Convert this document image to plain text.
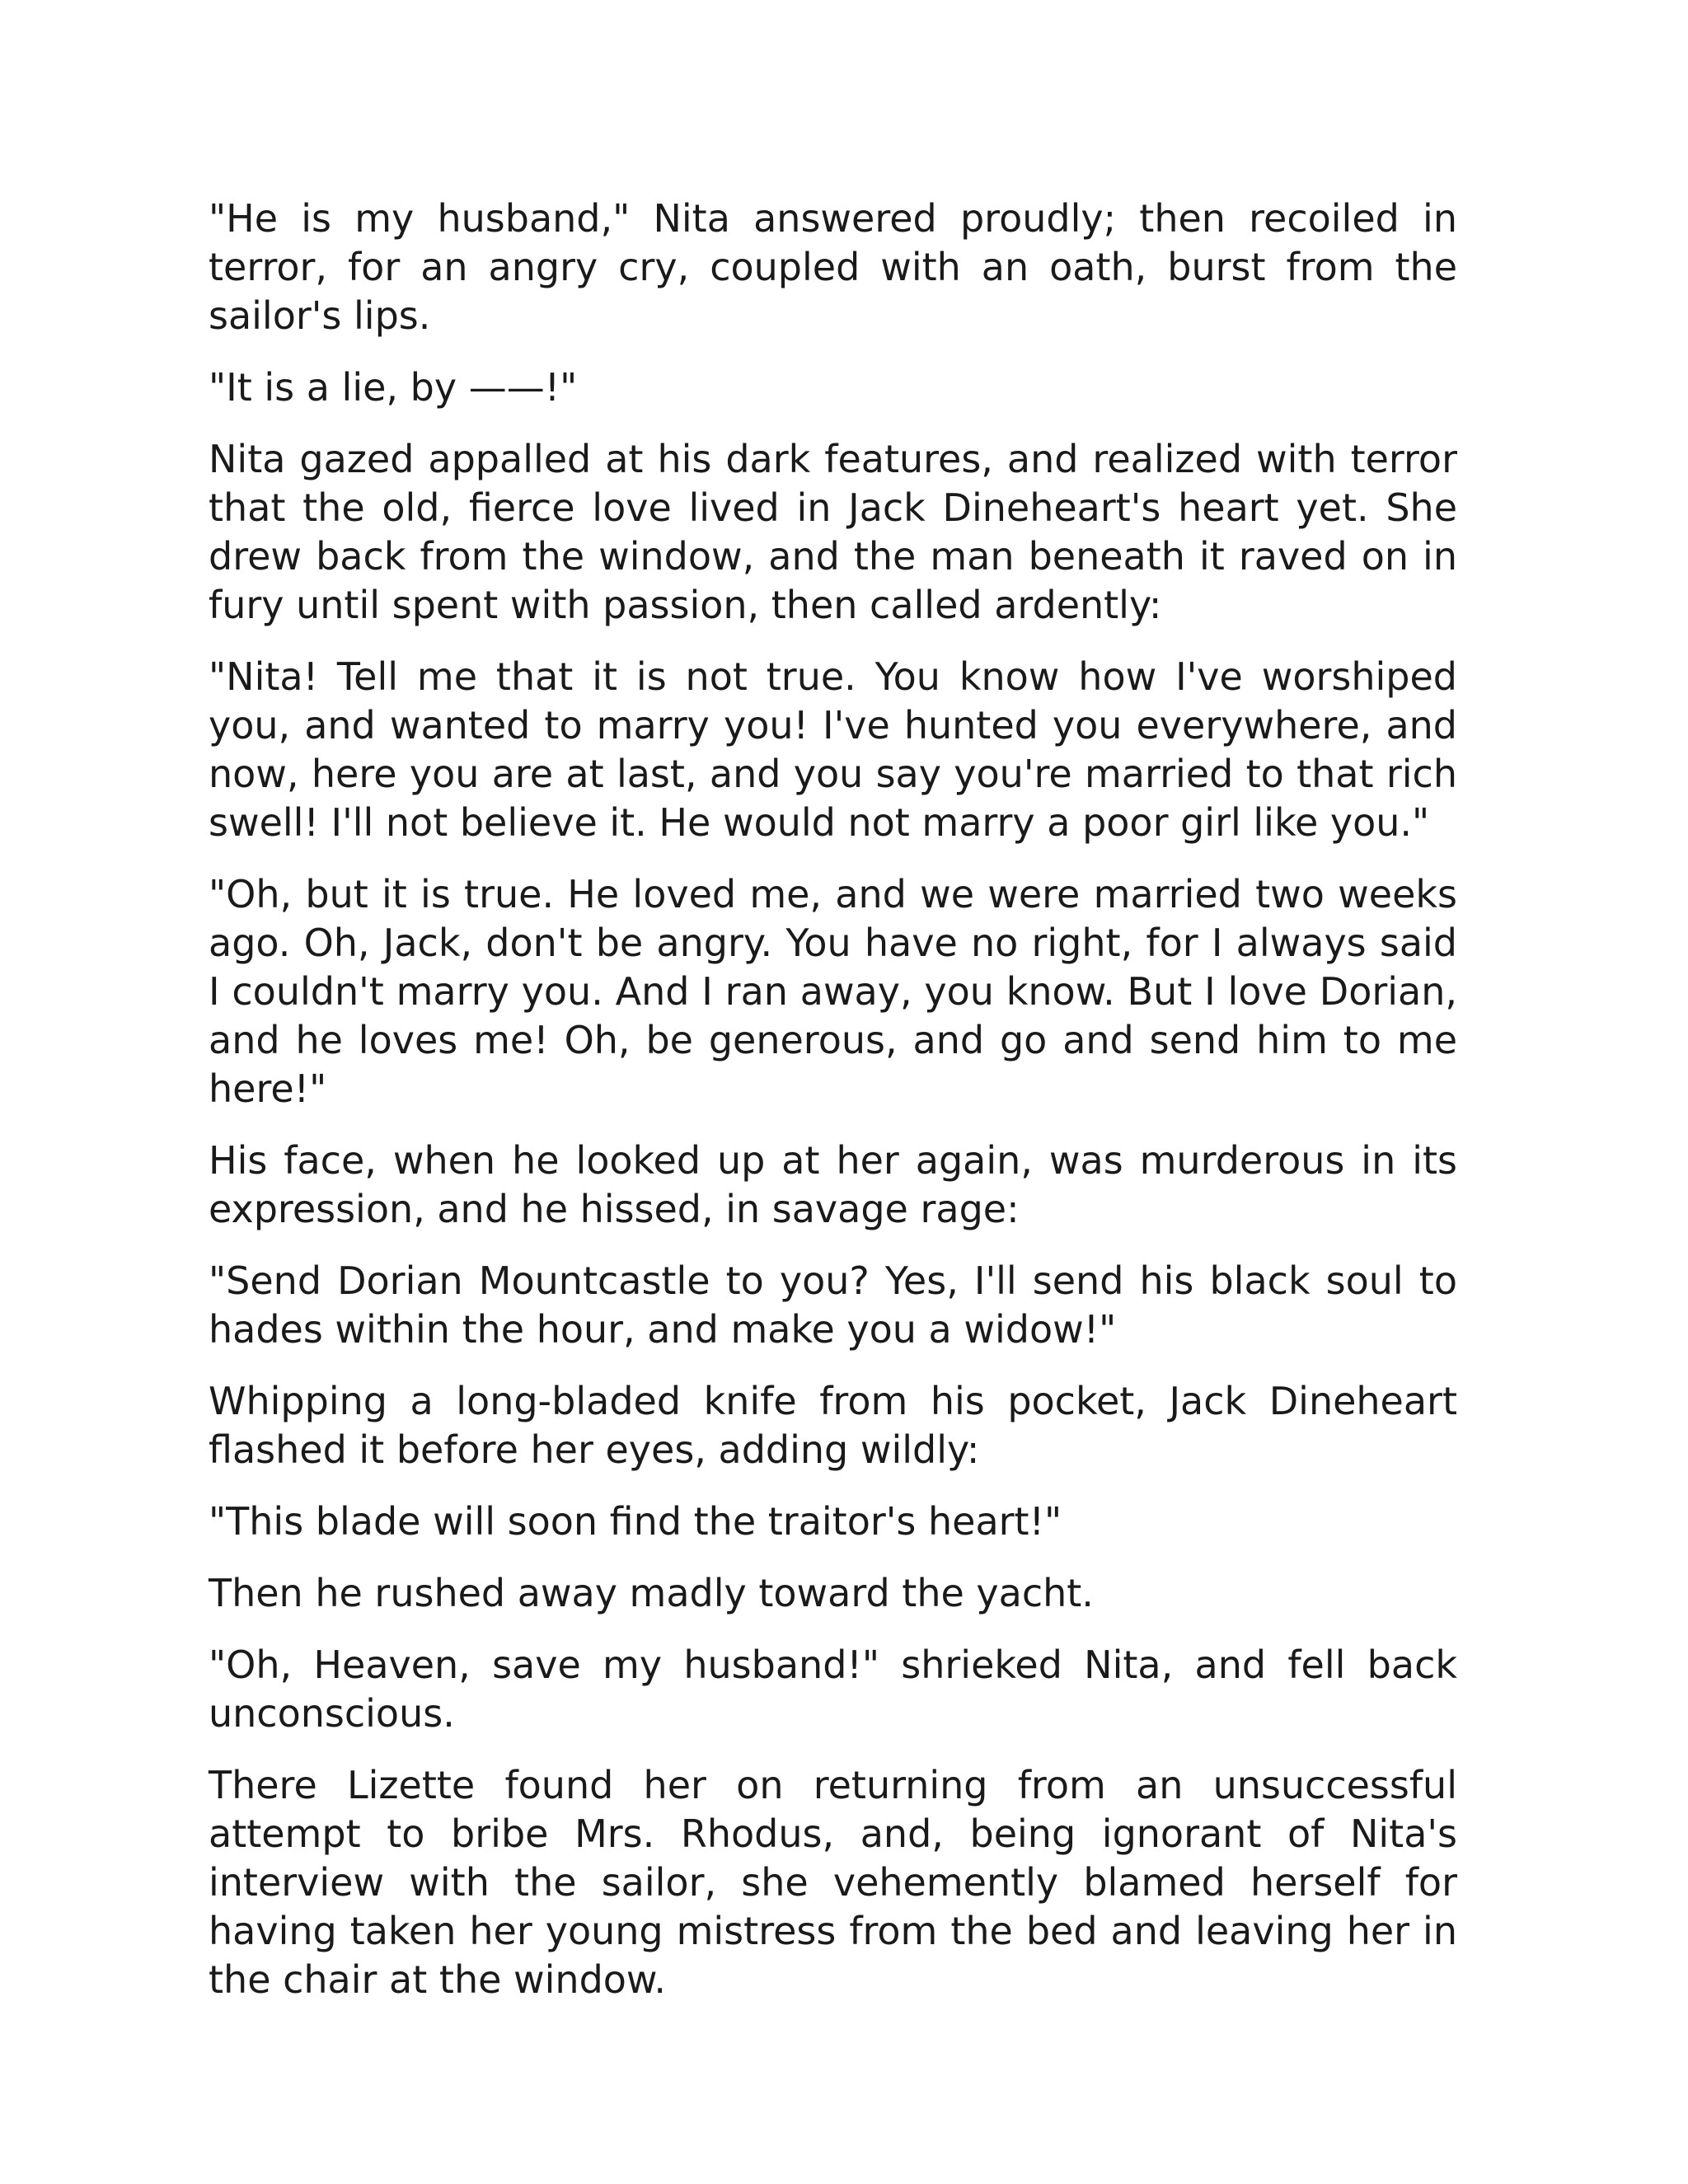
"He is my husband," Nita answered proudly; then recoiled in terror, for an angry cry, coupled with an oath, burst from the sailor's lips.

"It is a lie, by ——!"

Nita gazed appalled at his dark features, and realized with terror that the old, fierce love lived in Jack Dineheart's heart yet. She drew back from the window, and the man beneath it raved on in fury until spent with passion, then called ardently:

"Nita! Tell me that it is not true. You know how I've worshiped you, and wanted to marry you! I've hunted you everywhere, and now, here you are at last, and you say you're married to that rich swell! I'll not believe it. He would not marry a poor girl like you."

"Oh, but it is true. He loved me, and we were married two weeks ago. Oh, Jack, don't be angry. You have no right, for I always said I couldn't marry you. And I ran away, you know. But I love Dorian, and he loves me! Oh, be generous, and go and send him to me here!"

His face, when he looked up at her again, was murderous in its expression, and he hissed, in savage rage:

"Send Dorian Mountcastle to you? Yes, I'll send his black soul to hades within the hour, and make you a widow!"

Whipping a long-bladed knife from his pocket, Jack Dineheart flashed it before her eyes, adding wildly:

"This blade will soon find the traitor's heart!"

Then he rushed away madly toward the yacht.

"Oh, Heaven, save my husband!" shrieked Nita, and fell back unconscious.

There Lizette found her on returning from an unsuccessful attempt to bribe Mrs. Rhodus, and, being ignorant of Nita's interview with the sailor, she vehemently blamed herself for having taken her young mistress from the bed and leaving her in the chair at the window.
